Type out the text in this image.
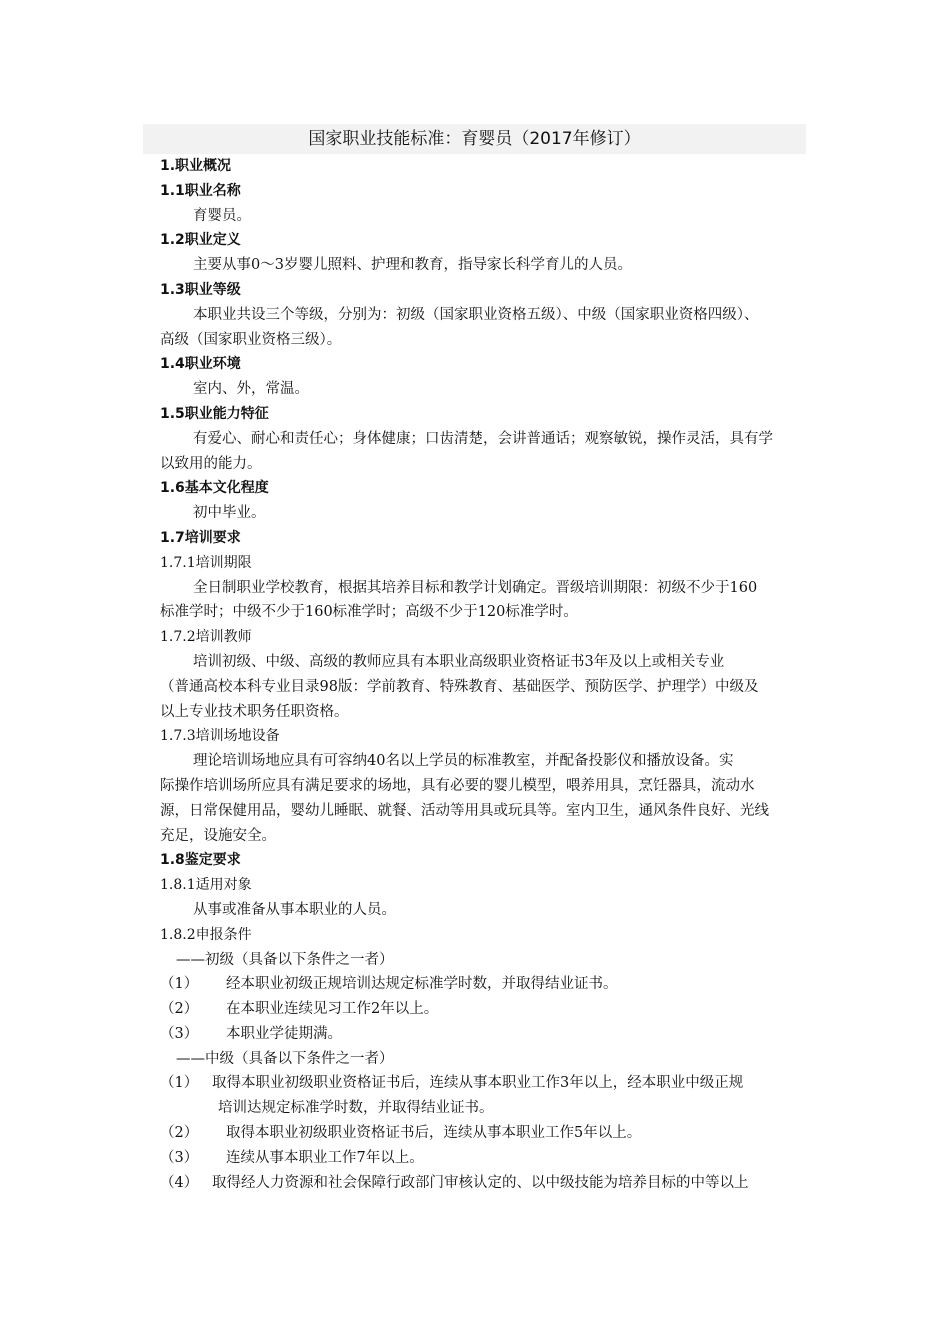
国家职业技能标准：育婴员（2017年修订）
1.职业概况
1.1职业名称
育婴员。
1.2职业定义
主要从事0～3岁婴儿照料、护理和教育，指导家长科学育儿的人员。
1.3职业等级
本职业共设三个等级，分别为：初级（国家职业资格五级）、中级（国家职业资格四级）、
高级（国家职业资格三级）。
1.4职业环境
室内、外，常温。
1.5职业能力特征
有爱心、耐心和责任心；身体健康；口齿清楚，会讲普通话；观察敏锐，操作灵活，具有学
以致用的能力。
1.6基本文化程度
初中毕业。
1.7培训要求
1.7.1培训期限
全日制职业学校教育，根据其培养目标和教学计划确定。晋级培训期限：初级不少于160
标准学时；中级不少于160标准学时；高级不少于120标准学时。
1.7.2培训教师
培训初级、中级、高级的教师应具有本职业高级职业资格证书3年及以上或相关专业
（普通高校本科专业目录98版：学前教育、特殊教育、基础医学、预防医学、护理学）中级及
以上专业技术职务任职资格。
1.7.3培训场地设备
理论培训场地应具有可容纳40名以上学员的标准教室，并配备投影仪和播放设备。实
际操作培训场所应具有满足要求的场地，具有必要的婴儿模型，喂养用具，烹饪器具，流动水
源，日常保健用品，婴幼儿睡眠、就餐、活动等用具或玩具等。室内卫生，通风条件良好、光线
充足，设施安全。
1.8鉴定要求
1.8.1适用对象
从事或准备从事本职业的人员。
1.8.2申报条件
——初级（具备以下条件之一者）
（1）	经本职业初级正规培训达规定标准学时数，并取得结业证书。
（2）	在本职业连续见习工作2年以上。
（3）	本职业学徒期满。
——中级（具备以下条件之一者）
（1） 取得本职业初级职业资格证书后，连续从事本职业工作3年以上，经本职业中级正规
培训达规定标准学时数，并取得结业证书。
（2）	取得本职业初级职业资格证书后，连续从事本职业工作5年以上。
（3）	连续从事本职业工作7年以上。
（4） 取得经人力资源和社会保障行政部门审核认定的、以中级技能为培养目标的中等以上
